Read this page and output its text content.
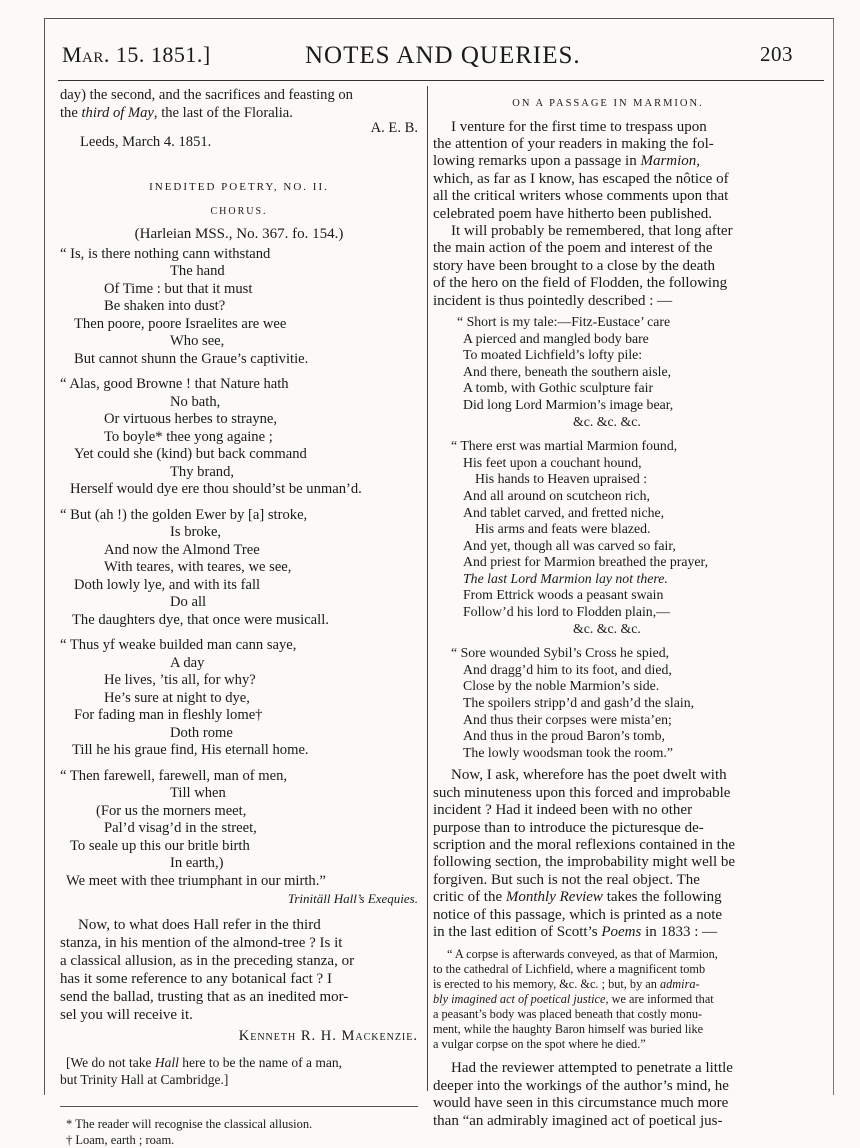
Mar. 15. 1851.]	NOTES AND QUERIES.	203

day) the second, and the sacrifices and feasting on

the third of May, the last of the Floralia.

A. E. B.

Leeds, March 4. 1851.

INEDITED POETRY, NO. II.

CHORUS.

(Harleian MSS., No. 367. fo. 154.)

“ Is, is there nothing cann withstand

The hand

Of Time : but that it must

Be shaken into dust?

Then poore, poore Israelites are wee

Who see,

But cannot shunn the Graue’s captivitie.

“ Alas, good Browne ! that Nature hath

No bath,

Or virtuous herbes to strayne,

To boyle* thee yong againe ;

Yet could she (kind) but back command

Thy brand,

Herself would dye ere thou should’st be unman’d.

“ But (ah !) the golden Ewer by [a] stroke,

Is broke,

And now the Almond Tree

With teares, with teares, we see,

Doth lowly lye, and with its fall

Do all

The daughters dye, that once were musicall.

“ Thus yf weake builded man cann saye,

A day

He lives, ’tis all, for why?

He’s sure at night to dye,

For fading man in fleshly lome†

Doth rome

Till he his graue find, His eternall home.

“ Then farewell, farewell, man of men,

Till when

(For us the morners meet,

Pal’d visag’d in the street,

To seale up this our britle birth

In earth,)

We meet with thee triumphant in our mirth.”

Trinitäll Hall’s Exequies.

Now, to what does Hall refer in the third

stanza, in his mention of the almond-tree ? Is it

a classical allusion, as in the preceding stanza, or

has it some reference to any botanical fact ? I

send the ballad, trusting that as an inedited mor-

sel you will receive it.

Kenneth R. H. Mackenzie.

[We do not take Hall here to be the name of a man,

but Trinity Hall at Cambridge.]

* The reader will recognise the classical allusion.

† Loam, earth ; roam.

ON A PASSAGE IN MARMION.

I venture for the first time to trespass upon

the attention of your readers in making the fol-

lowing remarks upon a passage in Marmion,

which, as far as I know, has escaped the nôtice of

all the critical writers whose comments upon that

celebrated poem have hitherto been published.

It will probably be remembered, that long after

the main action of the poem and interest of the

story have been brought to a close by the death

of the hero on the field of Flodden, the following

incident is thus pointedly described : —

“ Short is my tale:—Fitz-Eustace’ care

A pierced and mangled body bare

To moated Lichfield’s lofty pile:

And there, beneath the southern aisle,

A tomb, with Gothic sculpture fair

Did long Lord Marmion’s image bear,

&c. &c. &c.

“ There erst was martial Marmion found,

His feet upon a couchant hound,

His hands to Heaven upraised :

And all around on scutcheon rich,

And tablet carved, and fretted niche,

His arms and feats were blazed.

And yet, though all was carved so fair,

And priest for Marmion breathed the prayer,

The last Lord Marmion lay not there.

From Ettrick woods a peasant swain

Follow’d his lord to Flodden plain,—

&c. &c. &c.

“ Sore wounded Sybil’s Cross he spied,

And dragg’d him to its foot, and died,

Close by the noble Marmion’s side.

The spoilers stripp’d and gash’d the slain,

And thus their corpses were mista’en;

And thus in the proud Baron’s tomb,

The lowly woodsman took the room.”

Now, I ask, wherefore has the poet dwelt with

such minuteness upon this forced and improbable

incident ? Had it indeed been with no other

purpose than to introduce the picturesque de-

scription and the moral reflexions contained in the

following section, the improbability might well be

forgiven. But such is not the real object. The

critic of the Monthly Review takes the following

notice of this passage, which is printed as a note

in the last edition of Scott’s Poems in 1833 : —

“ A corpse is afterwards conveyed, as that of Marmion,

to the cathedral of Lichfield, where a magnificent tomb

is erected to his memory, &c. &c. ; but, by an admira-

bly imagined act of poetical justice, we are informed that

a peasant’s body was placed beneath that costly monu-

ment, while the haughty Baron himself was buried like

a vulgar corpse on the spot where he died.”

Had the reviewer attempted to penetrate a little

deeper into the workings of the author’s mind, he

would have seen in this circumstance much more

than “an admirably imagined act of poetical jus-
